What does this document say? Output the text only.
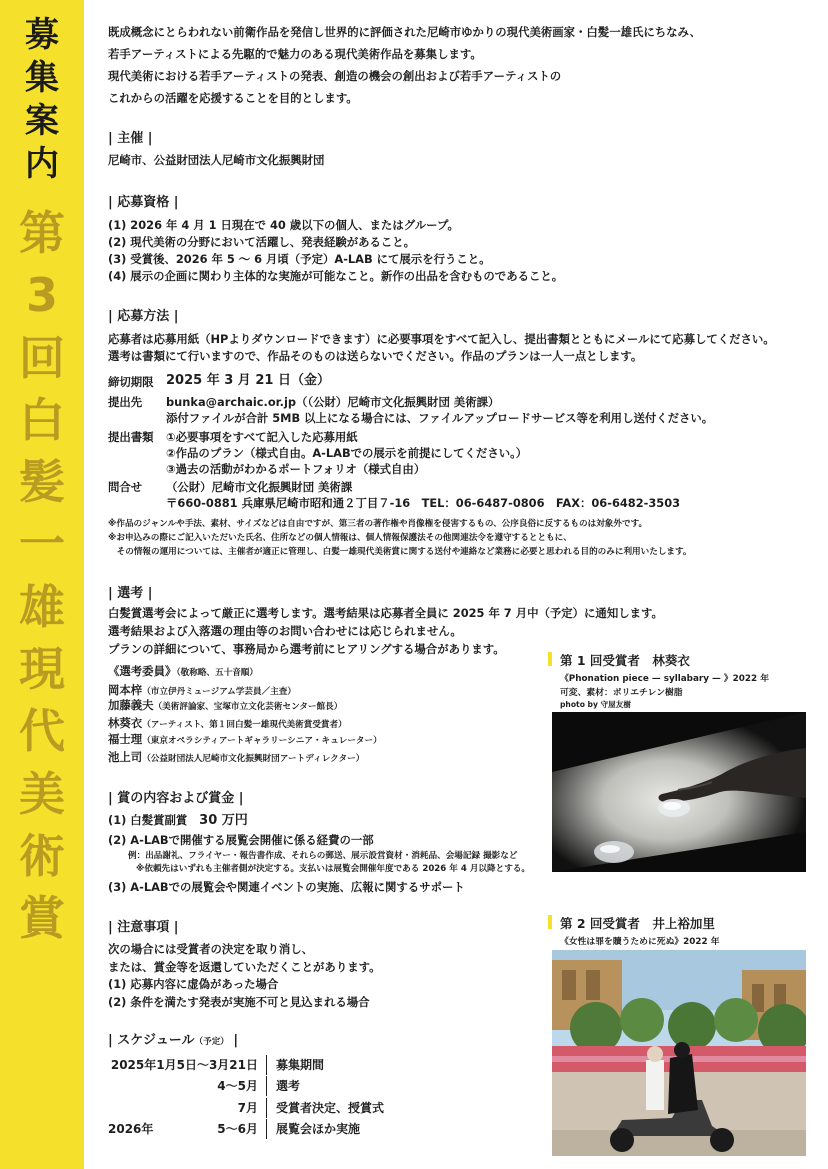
募
集
案
内
第
3
回
白
髪
一
雄
現
代
美
術
賞
既成概念にとらわれない前衛作品を発信し世界的に評価された尼崎市ゆかりの現代美術画家・白髪一雄氏にちなみ、
若手アーティストによる先駆的で魅力のある現代美術作品を募集します。
現代美術における若手アーティストの発表、創造の機会の創出および若手アーティストの
これからの活躍を応援することを目的とします。
| 主催 |
尼崎市、公益財団法人尼崎市文化振興財団
| 応募資格 |
(1) 2026 年 4 月 1 日現在で 40 歳以下の個人、またはグループ。
(2) 現代美術の分野において活躍し、発表経験があること。
(3) 受賞後、2026 年 5 〜 6 月頃（予定）A-LAB にて展示を行うこと。
(4) 展示の企画に関わり主体的な実施が可能なこと。新作の出品を含むものであること。
| 応募方法 |
応募者は応募用紙（HPよりダウンロードできます）に必要事項をすべて記入し、提出書類とともにメールにて応募してください。
選考は書類にて行いますので、作品そのものは送らないでください。作品のプランは一人一点とします。
締切期限 2025 年 3 月 21 日（金）
提出先 bunka@archaic.or.jp（（公財）尼崎市文化振興財団 美術課）
添付ファイルが合計 5MB 以上になる場合には、ファイルアップロードサービス等を利用し送付ください。
提出書類 ①必要事項をすべて記入した応募用紙
②作品のプラン（様式自由。A-LABでの展示を前提にしてください。）
③過去の活動がわかるポートフォリオ（様式自由）
問合せ （公財）尼崎市文化振興財団 美術課
〒660-0881 兵庫県尼崎市昭和通２丁目７-16　TEL：06-6487-0806　FAX：06-6482-3503
※作品のジャンルや手法、素材、サイズなどは自由ですが、第三者の著作権や肖像権を侵害するもの、公序良俗に反するものは対象外です。
※お申込みの際にご記入いただいた氏名、住所などの個人情報は、個人情報保護法その他関連法令を遵守するとともに、
　その情報の運用については、主催者が適正に管理し、白髪一雄現代美術賞に関する送付や連絡など業務に必要と思われる目的のみに利用いたします。
| 選考 |
白髪賞選考会によって厳正に選考します。選考結果は応募者全員に 2025 年 7 月中（予定）に通知します。
選考結果および入落選の理由等のお問い合わせには応じられません。
プランの詳細について、事務局から選考前にヒアリングする場合があります。
《選考委員》（敬称略、五十音順）
岡本梓（市立伊丹ミュージアム学芸員／主査）
加藤義夫（美術評論家、宝塚市立文化芸術センター館長）
林葵衣（アーティスト、第１回白髪一雄現代美術賞受賞者）
福士理（東京オペラシティアートギャラリーシニア・キュレーター）
池上司（公益財団法人尼崎市文化振興財団アートディレクター）
| 賞の内容および賞金 |
(1) 白髪賞副賞 30 万円
(2) A-LABで開催する展覧会開催に係る経費の一部
例：出品謝礼、フライヤー・報告書作成、それらの郵送、展示設営資材・消耗品、会場記録 撮影など
※依頼先はいずれも主催者側が決定する。支払いは展覧会開催年度である 2026 年 4 月以降とする。
(3) A-LABでの展覧会や関連イベントの実施、広報に関するサポート
| 注意事項 |
次の場合には受賞者の決定を取り消し、
または、賞金等を返還していただくことがあります。
(1) 応募内容に虚偽があった場合
(2) 条件を満たす発表が実施不可と見込まれる場合
| スケジュール（予定） |
2025年1月5日〜3月21日 募集期間
4〜5月 選考
7月 受賞者決定、授賞式
2026年	5〜6月 展覧会ほか実施
第 1 回受賞者　林葵衣
《Phonation piece — syllabary — 》2022 年
可変、素材：ポリエチレン樹脂
photo by 守屋友樹
第 2 回受賞者　井上裕加里
《女性は罪を贖うために死ぬ》2022 年
